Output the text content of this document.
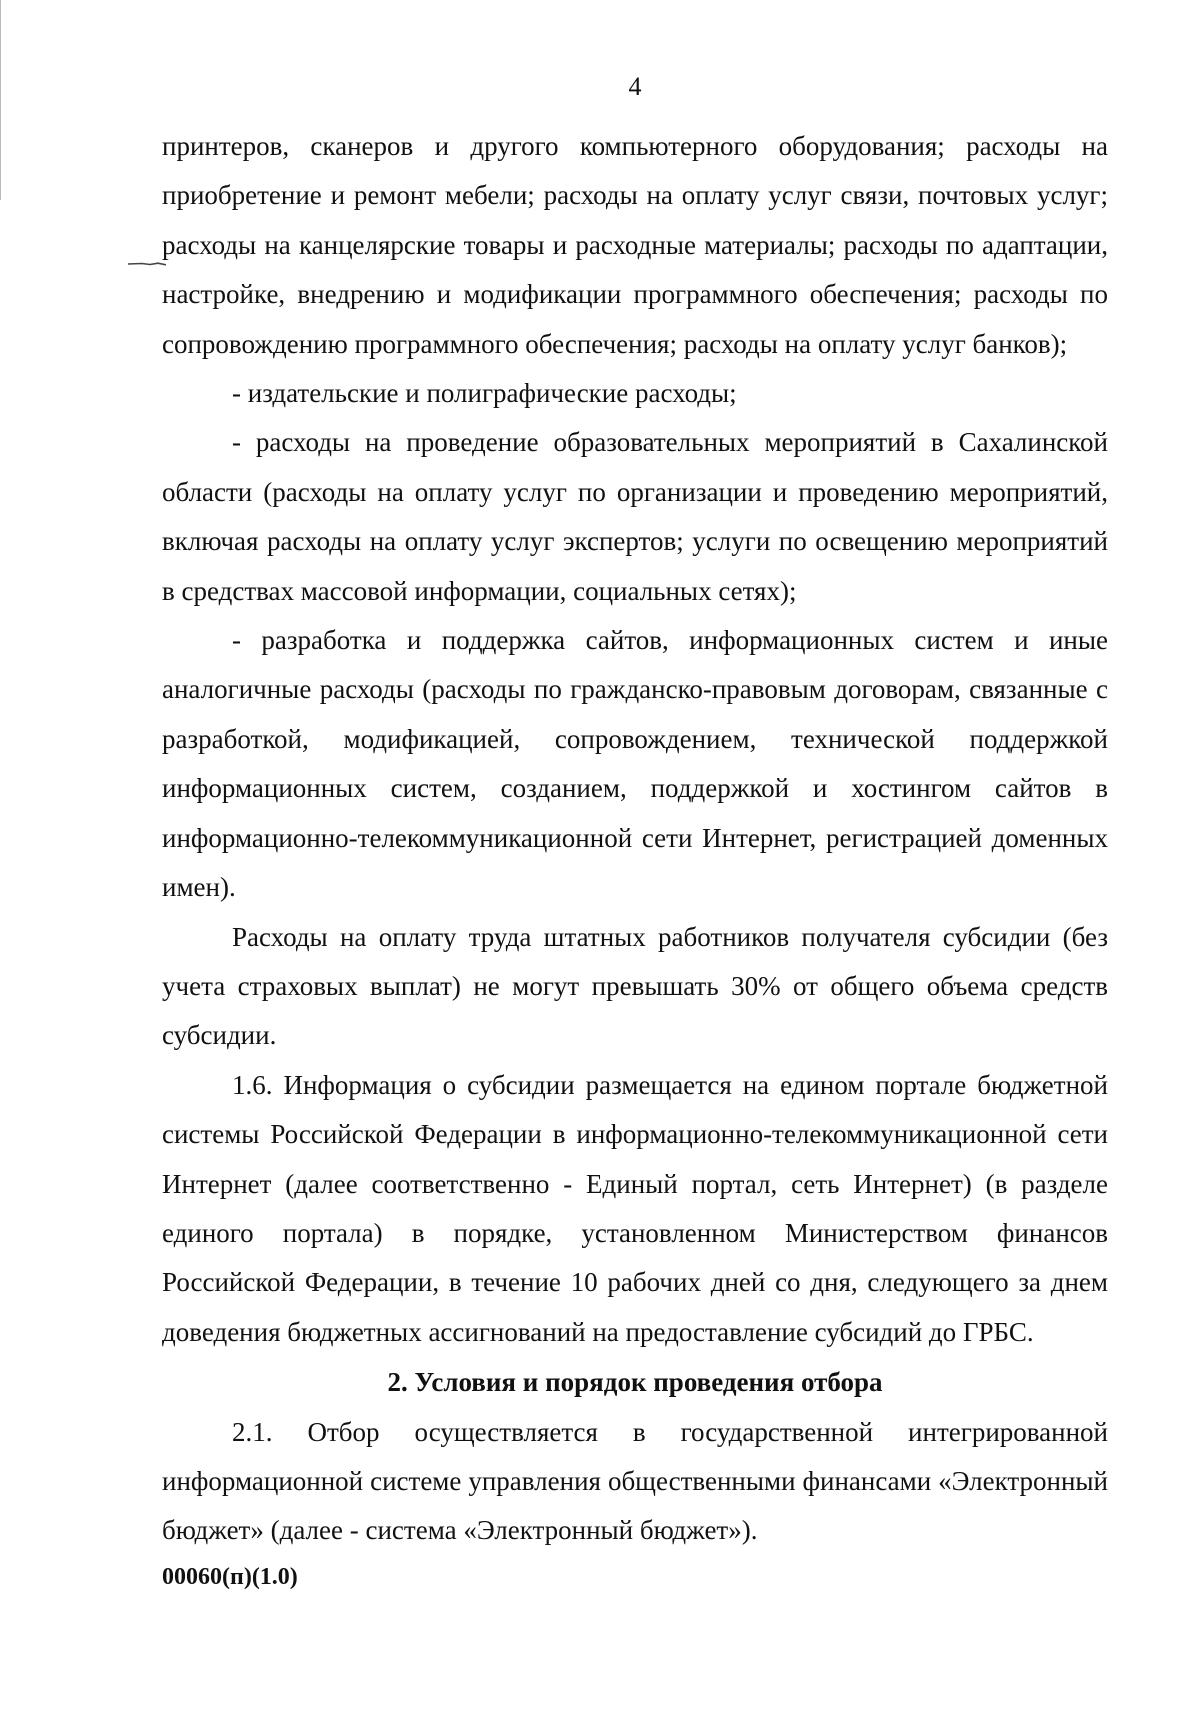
4

принтеров, сканеров и другого компьютерного оборудования; расходы на приобретение и ремонт мебели; расходы на оплату услуг связи, почтовых услуг; расходы на канцелярские товары и расходные материалы; расходы по адаптации, настройке, внедрению и модификации программного обеспечения; расходы по сопровождению программного обеспечения; расходы на оплату услуг банков);

- издательские и полиграфические расходы;

- расходы на проведение образовательных мероприятий в Сахалинской области (расходы на оплату услуг по организации и проведению мероприятий, включая расходы на оплату услуг экспертов; услуги по освещению мероприятий в средствах массовой информации, социальных сетях);

- разработка и поддержка сайтов, информационных систем и иные аналогичные расходы (расходы по гражданско-правовым договорам, связанные с разработкой, модификацией, сопровождением, технической поддержкой информационных систем, созданием, поддержкой и хостингом сайтов в информационно-телекоммуникационной сети Интернет, регистрацией доменных имен).

Расходы на оплату труда штатных работников получателя субсидии (без учета страховых выплат) не могут превышать 30% от общего объема средств субсидии.

1.6. Информация о субсидии размещается на едином портале бюджетной системы Российской Федерации в информационно-телекоммуникационной сети Интернет (далее соответственно - Единый портал, сеть Интернет) (в разделе единого портала) в порядке, установленном Министерством финансов Российской Федерации, в течение 10 рабочих дней со дня, следующего за днем доведения бюджетных ассигнований на предоставление субсидий до ГРБС.

2. Условия и порядок проведения отбора

2.1. Отбор осуществляется в государственной интегрированной информационной системе управления общественными финансами «Электронный бюджет» (далее - система «Электронный бюджет»).

00060(п)(1.0)
